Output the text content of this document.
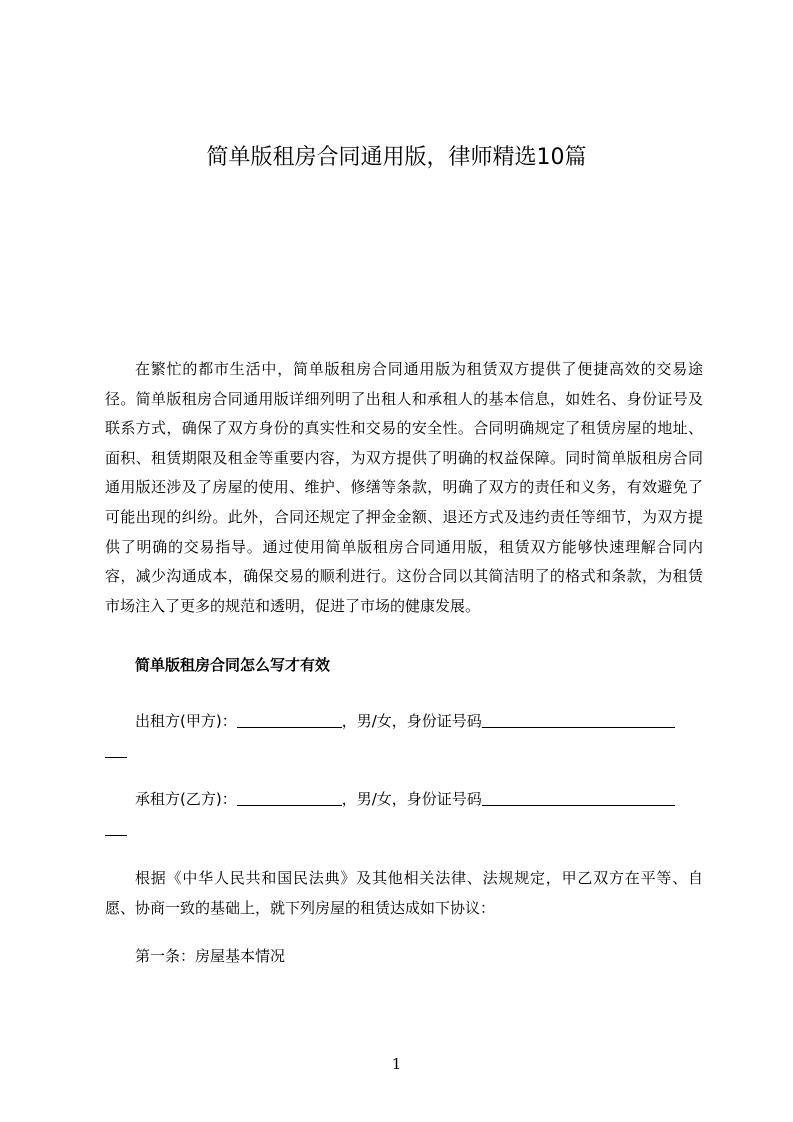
简单版租房合同通用版，律师精选10篇

在繁忙的都市生活中，简单版租房合同通用版为租赁双方提供了便捷高效的交易途径。简单版租房合同通用版详细列明了出租人和承租人的基本信息，如姓名、身份证号及联系方式，确保了双方身份的真实性和交易的安全性。合同明确规定了租赁房屋的地址、面积、租赁期限及租金等重要内容，为双方提供了明确的权益保障。同时简单版租房合同通用版还涉及了房屋的使用、维护、修缮等条款，明确了双方的责任和义务，有效避免了可能出现的纠纷。此外，合同还规定了押金金额、退还方式及违约责任等细节，为双方提供了明确的交易指导。通过使用简单版租房合同通用版，租赁双方能够快速理解合同内容，减少沟通成本，确保交易的顺利进行。这份合同以其简洁明了的格式和条款，为租赁市场注入了更多的规范和透明，促进了市场的健康发展。

简单版租房合同怎么写才有效
出租方(甲方)：	，男/女，身份证号码
承租方(乙方)：	，男/女，身份证号码

根据《中华人民共和国民法典》及其他相关法律、法规规定，甲乙双方在平等、自愿、协商一致的基础上，就下列房屋的租赁达成如下协议：

第一条：房屋基本情况
1
